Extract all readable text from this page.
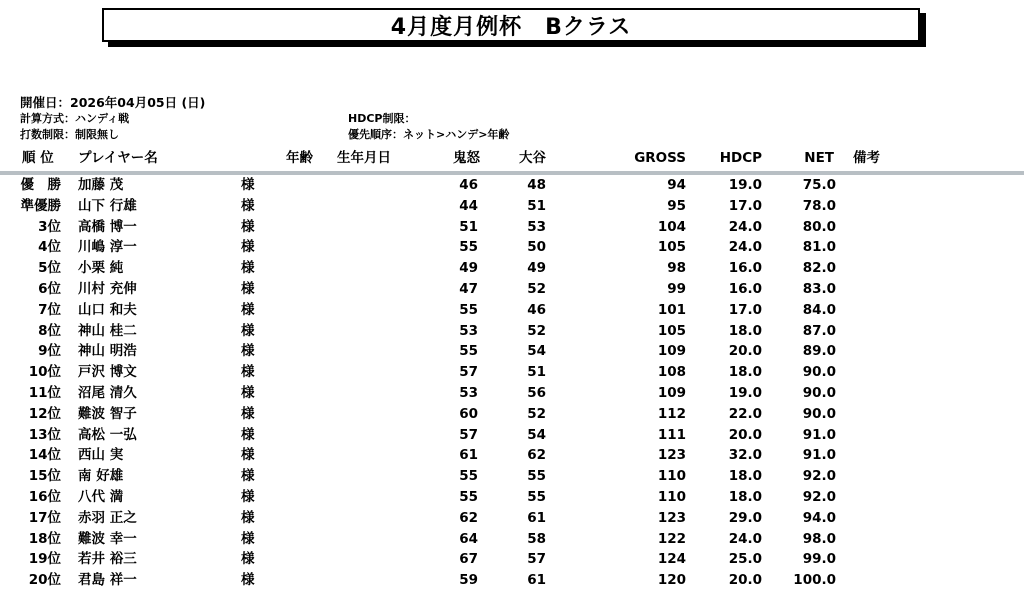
4月度月例杯　Bクラス
開催日：2026年04月05日 (日)
計算方式：ハンディ戦	HDCP制限：
打数制限：制限無し	優先順序：ネット>ハンデ>年齢
順 位 プレイヤー名	年齢 生年月日	鬼怒	大谷	GROSS	HDCP	NET 備考
優　勝 加藤 茂	様	46	48	94	19.0	75.0
準優勝 山下 行雄	様	44	51	95	17.0	78.0
3位 高橋 博一	様	51	53	104	24.0	80.0
4位 川嶋 淳一	様	55	50	105	24.0	81.0
5位 小栗 純	様	49	49	98	16.0	82.0
6位 川村 充伸	様	47	52	99	16.0	83.0
7位 山口 和夫	様	55	46	101	17.0	84.0
8位 神山 桂二	様	53	52	105	18.0	87.0
9位 神山 明浩	様	55	54	109	20.0	89.0
10位 戸沢 博文	様	57	51	108	18.0	90.0
11位 沼尾 清久	様	53	56	109	19.0	90.0
12位 難波 智子	様	60	52	112	22.0	90.0
13位 高松 一弘	様	57	54	111	20.0	91.0
14位 西山 実	様	61	62	123	32.0	91.0
15位 南 好雄	様	55	55	110	18.0	92.0
16位 八代 満	様	55	55	110	18.0	92.0
17位 赤羽 正之	様	62	61	123	29.0	94.0
18位 難波 幸一	様	64	58	122	24.0	98.0
19位 若井 裕三	様	67	57	124	25.0	99.0
20位 君島 祥一	様	59	61	120	20.0	100.0
